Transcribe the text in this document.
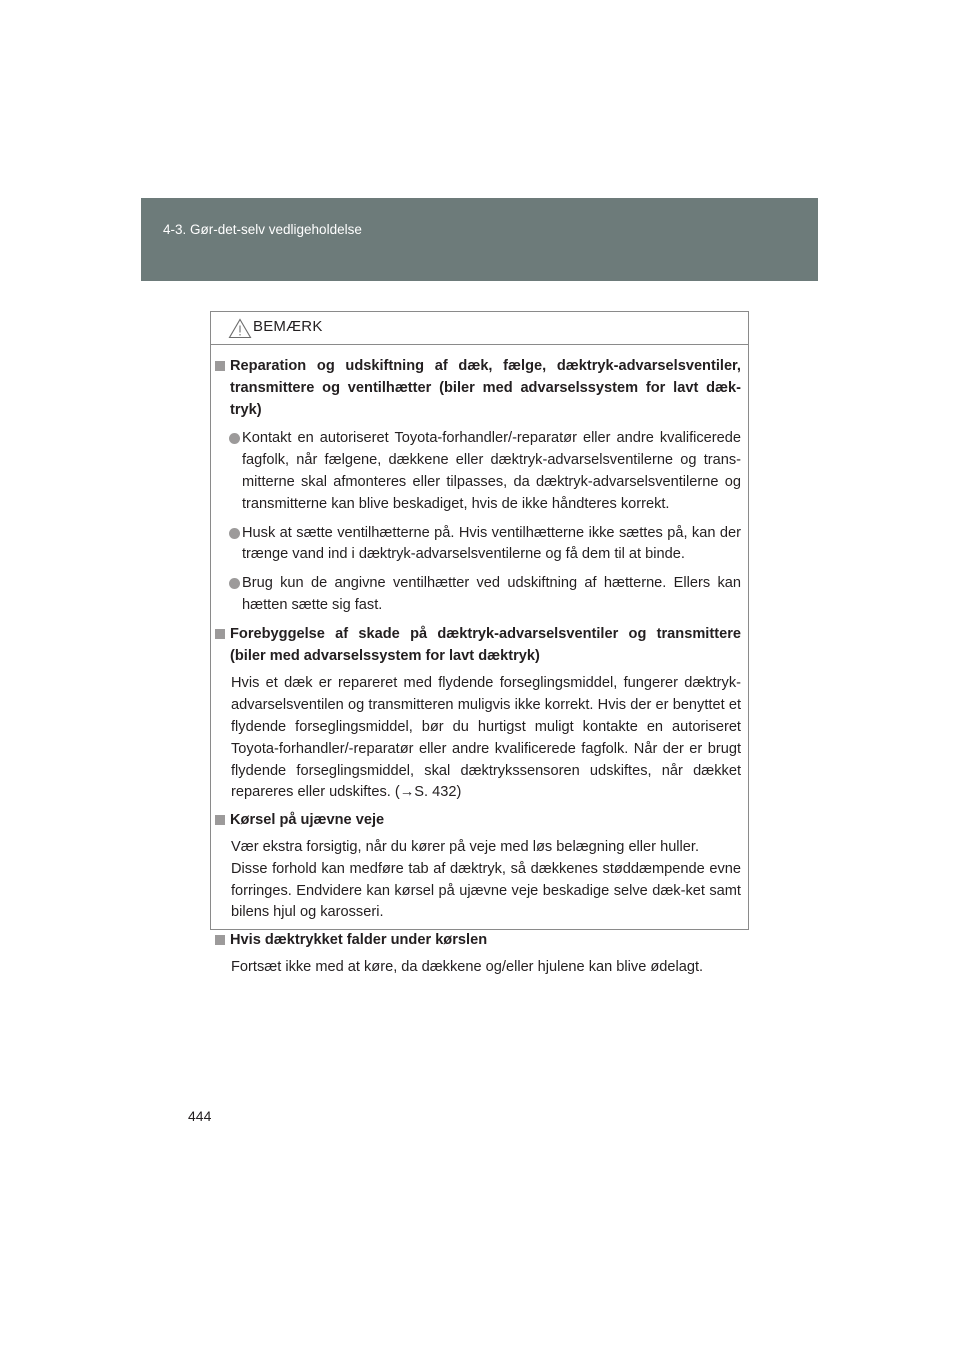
4-3. Gør-det-selv vedligeholdelse
BEMÆRK
Reparation og udskiftning af dæk, fælge, dæktryk-advarselsventiler, transmittere og ventilhætter (biler med advarselssystem for lavt dæk-tryk)
Kontakt en autoriseret Toyota-forhandler/-reparatør eller andre kvalificerede fagfolk, når fælgene, dækkene eller dæktryk-advarselsventilerne og trans-mitterne skal afmonteres eller tilpasses, da dæktryk-advarselsventilerne og transmitterne kan blive beskadiget, hvis de ikke håndteres korrekt.
Husk at sætte ventilhætterne på. Hvis ventilhætterne ikke sættes på, kan der trænge vand ind i dæktryk-advarselsventilerne og få dem til at binde.
Brug kun de angivne ventilhætter ved udskiftning af hætterne. Ellers kan hætten sætte sig fast.
Forebyggelse af skade på dæktryk-advarselsventiler og transmittere (biler med advarselssystem for lavt dæktryk)
Hvis et dæk er repareret med flydende forseglingsmiddel, fungerer dæktryk-advarselsventilen og transmitteren muligvis ikke korrekt. Hvis der er benyttet et flydende forseglingsmiddel, bør du hurtigst muligt kontakte en autoriseret Toyota-forhandler/-reparatør eller andre kvalificerede fagfolk. Når der er brugt flydende forseglingsmiddel, skal dæktrykssensoren udskiftes, når dækket repareres eller udskiftes. (→S. 432)
Kørsel på ujævne veje
Vær ekstra forsigtig, når du kører på veje med løs belægning eller huller.
Disse forhold kan medføre tab af dæktryk, så dækkenes støddæmpende evne forringes. Endvidere kan kørsel på ujævne veje beskadige selve dæk-ket samt bilens hjul og karosseri.
Hvis dæktrykket falder under kørslen
Fortsæt ikke med at køre, da dækkene og/eller hjulene kan blive ødelagt.
444
